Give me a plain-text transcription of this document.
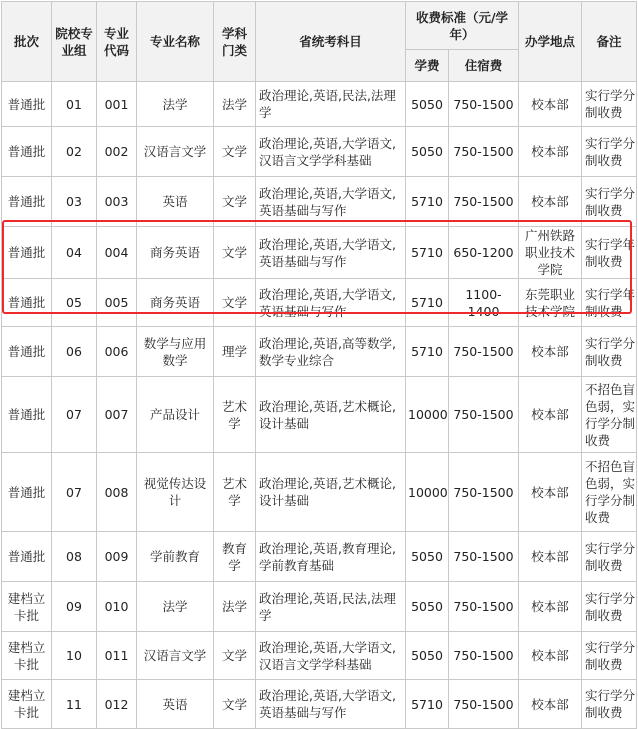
批次	院校专业组	专业代码	专业名称	学科门类	省统考科目	收费标准（元/学年）		办学地点	备注
						学费	住宿费		
普通批	01	001	法学	法学	政治理论,英语,民法,法理学	5050	750-1500	校本部	实行学分制收费
普通批	02	002	汉语言文学	文学	政治理论,英语,大学语文,汉语言文学学科基础	5050	750-1500	校本部	实行学分制收费
普通批	03	003	英语	文学	政治理论,英语,大学语文,英语基础与写作	5710	750-1500	校本部	实行学分制收费
普通批	04	004	商务英语	文学	政治理论,英语,大学语文,英语基础与写作	5710	650-1200	广州铁路职业技术学院	实行学年制收费
普通批	05	005	商务英语	文学	政治理论,英语,大学语文,英语基础与写作	5710	1100-1400	东莞职业技术学院	实行学年制收费
普通批	06	006	数学与应用数学	理学	政治理论,英语,高等数学,数学专业综合	5710	750-1500	校本部	实行学分制收费
普通批	07	007	产品设计	艺术学	政治理论,英语,艺术概论,设计基础	10000	750-1500	校本部	不招色盲色弱，实行学分制收费
普通批	07	008	视觉传达设计	艺术学	政治理论,英语,艺术概论,设计基础	10000	750-1500	校本部	不招色盲色弱，实行学分制收费
普通批	08	009	学前教育	教育学	政治理论,英语,教育理论,学前教育基础	5050	750-1500	校本部	实行学分制收费
建档立卡批	09	010	法学	法学	政治理论,英语,民法,法理学	5050	750-1500	校本部	实行学分制收费
建档立卡批	10	011	汉语言文学	文学	政治理论,英语,大学语文,汉语言文学学科基础	5050	750-1500	校本部	实行学分制收费
建档立卡批	11	012	英语	文学	政治理论,英语,大学语文,英语基础与写作	5710	750-1500	校本部	实行学分制收费
